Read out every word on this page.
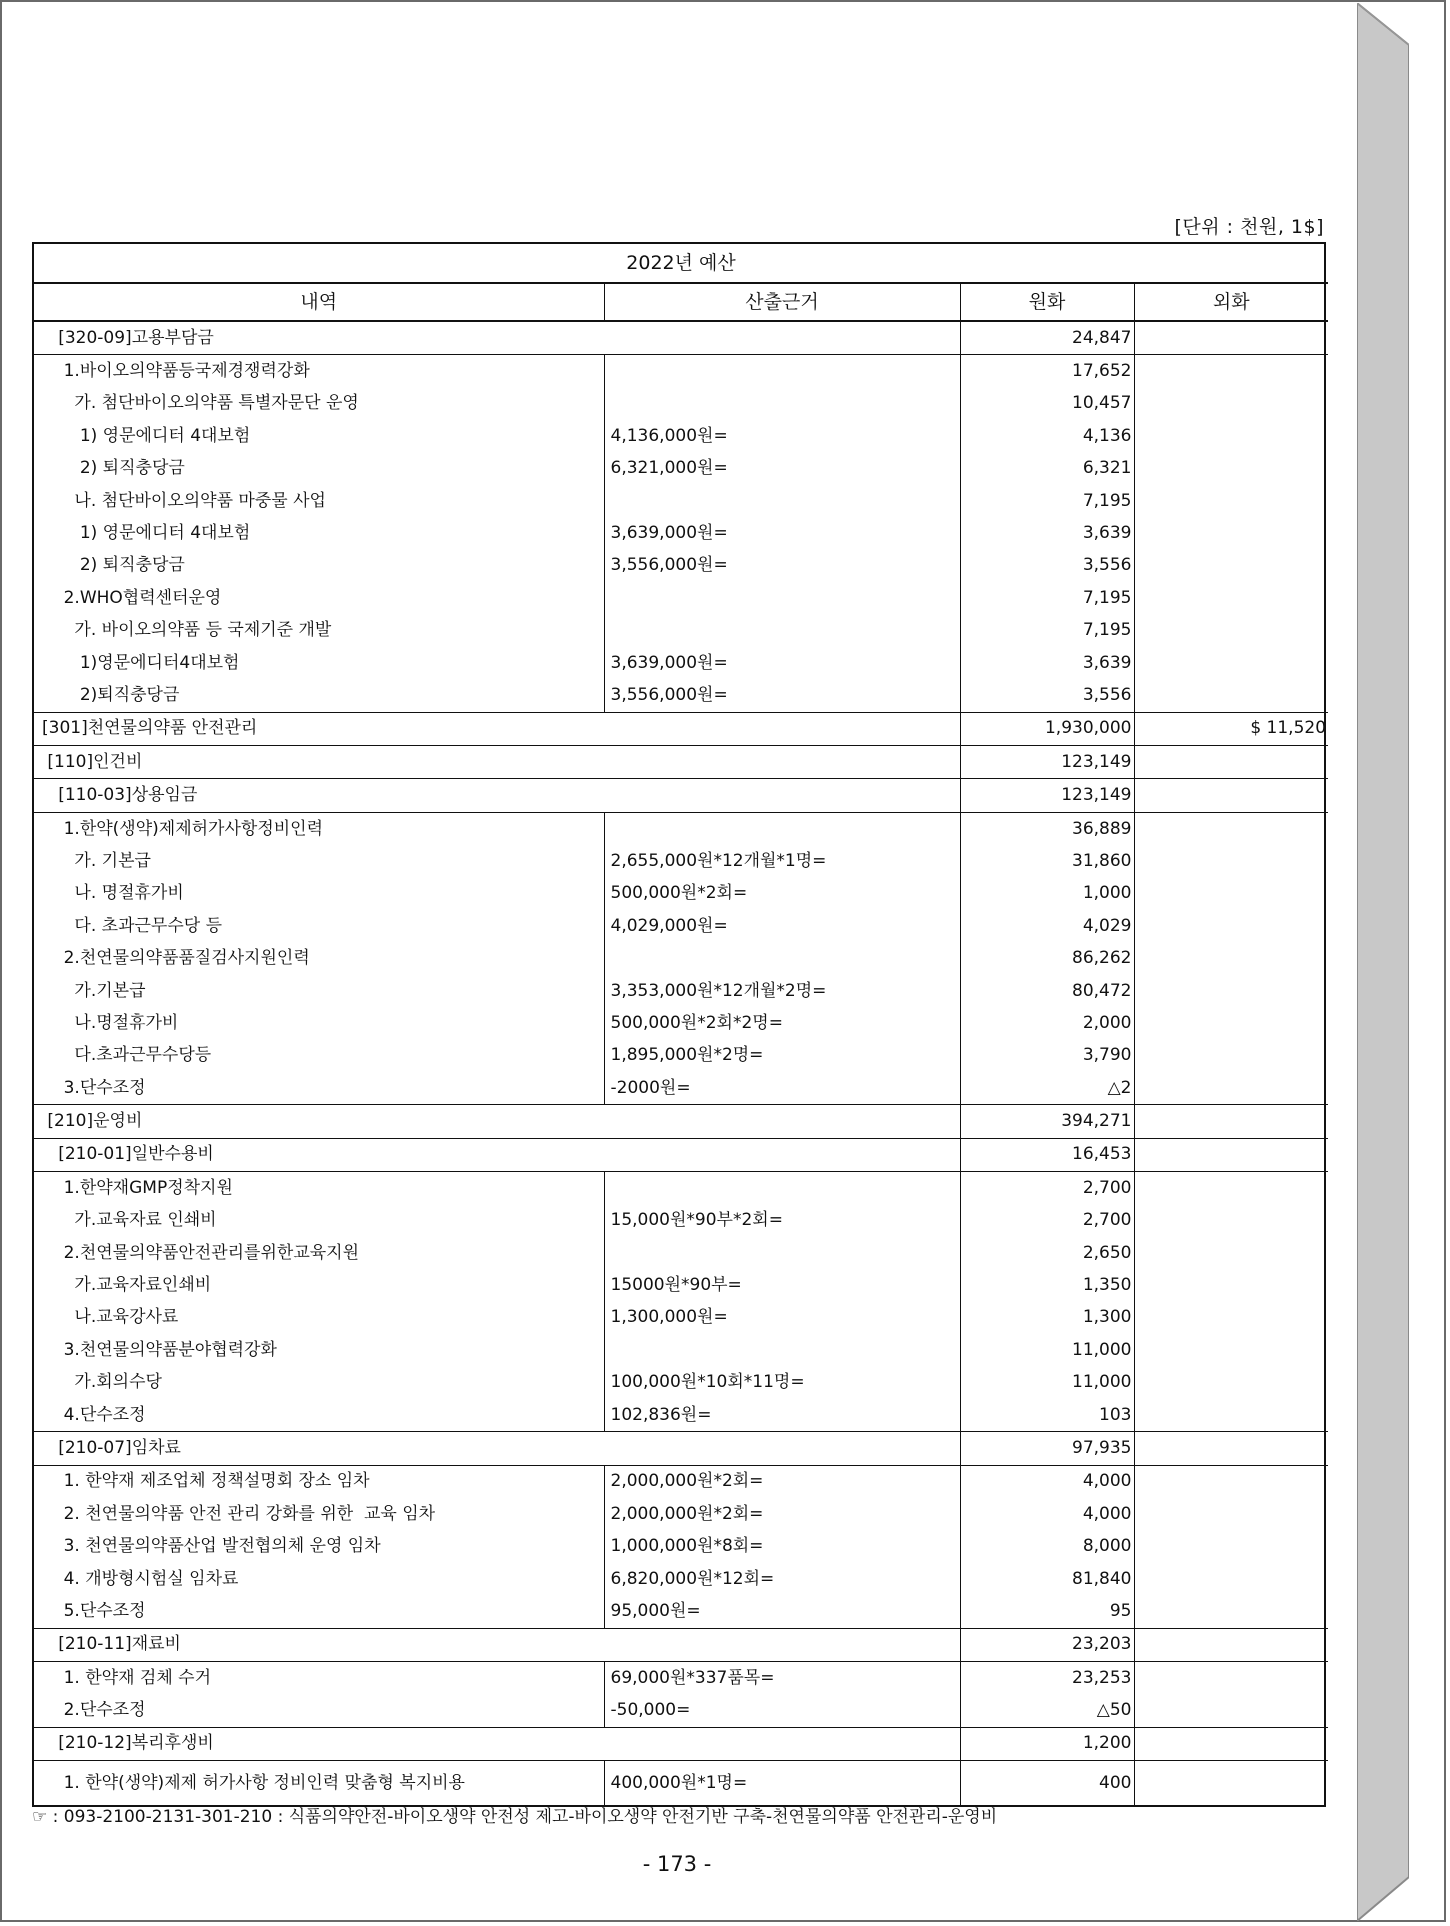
[단위 : 천원, 1$]
2022년 예산			
내역	산출근거	원화	외화
[320-09]고용부담금		24,847	
1.바이오의약품등국제경쟁력강화		17,652	
가. 첨단바이오의약품 특별자문단 운영		10,457	
1) 영문에디터 4대보험	4,136,000원=	4,136	
2) 퇴직충당금	6,321,000원=	6,321	
나. 첨단바이오의약품 마중물 사업		7,195	
1) 영문에디터 4대보험	3,639,000원=	3,639	
2) 퇴직충당금	3,556,000원=	3,556	
2.WHO협력센터운영		7,195	
가. 바이오의약품 등 국제기준 개발		7,195	
1)영문에디터4대보험	3,639,000원=	3,639	
2)퇴직충당금	3,556,000원=	3,556	
[301]천연물의약품 안전관리		1,930,000	$ 11,520
[110]인건비		123,149	
[110-03]상용임금		123,149	
1.한약(생약)제제허가사항정비인력		36,889	
가. 기본급	2,655,000원*12개월*1명=	31,860	
나. 명절휴가비	500,000원*2회=	1,000	
다. 초과근무수당 등	4,029,000원=	4,029	
2.천연물의약품품질검사지원인력		86,262	
가.기본급	3,353,000원*12개월*2명=	80,472	
나.명절휴가비	500,000원*2회*2명=	2,000	
다.초과근무수당등	1,895,000원*2명=	3,790	
3.단수조정	-2000원=	△2	
[210]운영비		394,271	
[210-01]일반수용비		16,453	
1.한약재GMP정착지원		2,700	
가.교육자료 인쇄비	15,000원*90부*2회=	2,700	
2.천연물의약품안전관리를위한교육지원		2,650	
가.교육자료인쇄비	15000원*90부=	1,350	
나.교육강사료	1,300,000원=	1,300	
3.천연물의약품분야협력강화		11,000	
가.회의수당	100,000원*10회*11명=	11,000	
4.단수조정	102,836원=	103	
[210-07]임차료		97,935	
1. 한약재 제조업체 정책설명회 장소 임차	2,000,000원*2회=	4,000	
2. 천연물의약품 안전 관리 강화를 위한  교육 임차	2,000,000원*2회=	4,000	
3. 천연물의약품산업 발전협의체 운영 임차	1,000,000원*8회=	8,000	
4. 개방형시험실 임차료	6,820,000원*12회=	81,840	
5.단수조정	95,000원=	95	
[210-11]재료비		23,203	
1. 한약재 검체 수거	69,000원*337품목=	23,253	
2.단수조정	-50,000=	△50	
[210-12]복리후생비		1,200	
1. 한약(생약)제제 허가사항 정비인력 맞춤형 복지비용	400,000원*1명=	400	
☞ : 093-2100-2131-301-210 : 식품의약안전-바이오생약 안전성 제고-바이오생약 안전기반 구축-천연물의약품 안전관리-운영비
- 173 -
